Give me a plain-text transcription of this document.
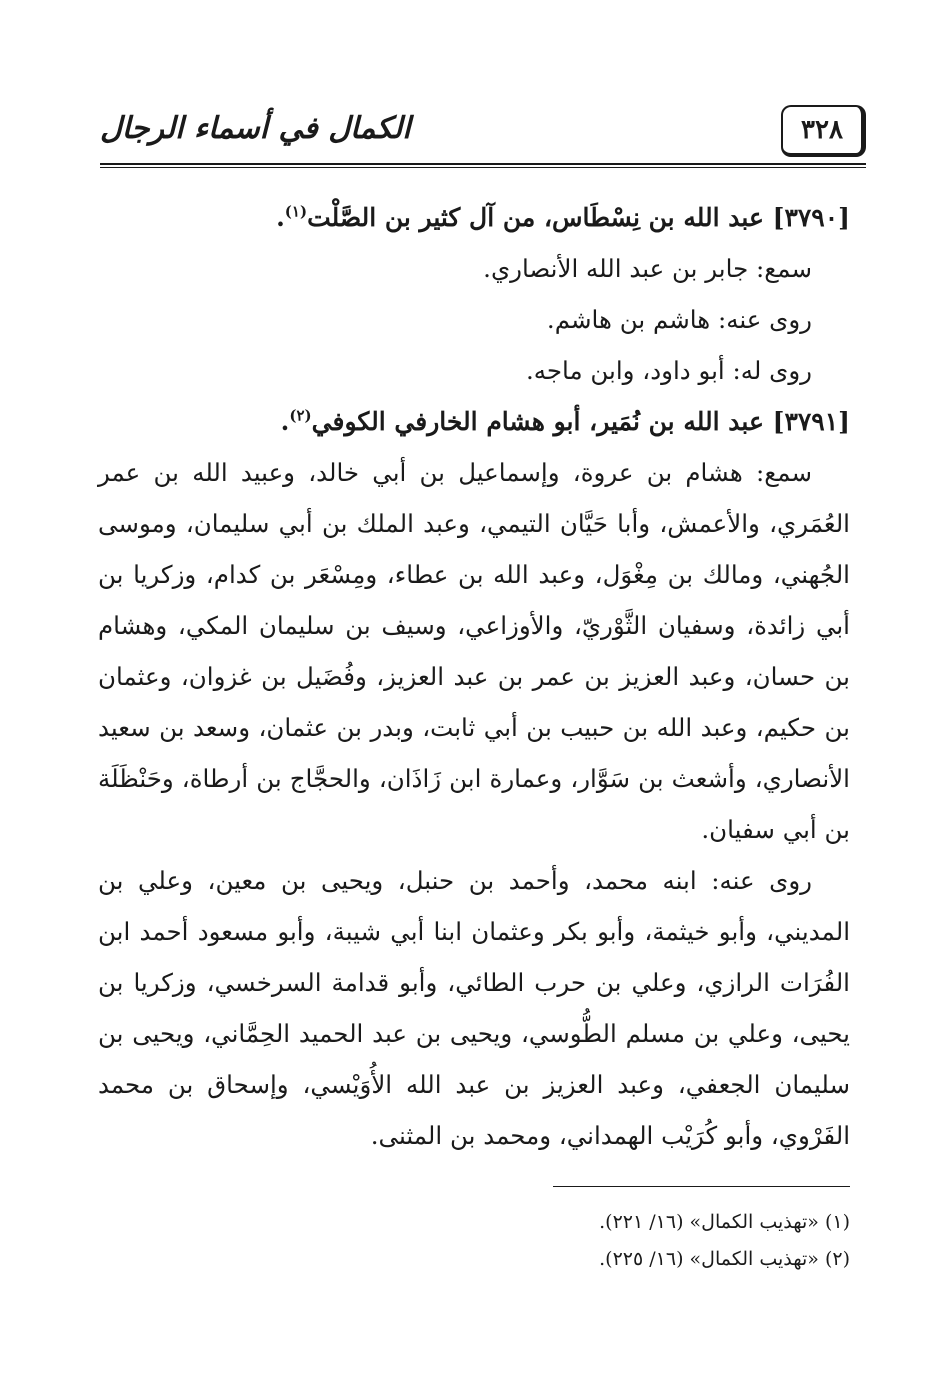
٣٢٨
الكمال في أسماء الرجال
[٣٧٩٠] عبد الله بن نِسْطَاس، من آل كثير بن الصَّلْت$^{(١)}$.
سمع: جابر بن عبد الله الأنصاري.
روى عنه: هاشم بن هاشم.
روى له: أبو داود، وابن ماجه.
[٣٧٩١] عبد الله بن نُمَير، أبو هشام الخارفي الكوفي$^{(٢)}$.
سمع: هشام بن عروة، وإسماعيل بن أبي خالد، وعبيد الله بن عمر العُمَري، والأعمش، وأبا حَيَّان التيمي، وعبد الملك بن أبي سليمان، وموسى الجُهني، ومالك بن مِغْوَل، وعبد الله بن عطاء، ومِسْعَر بن كدام، وزكريا بن أبي زائدة، وسفيان الثَّوْريّ، والأوزاعي، وسيف بن سليمان المكي، وهشام بن حسان، وعبد العزيز بن عمر بن عبد العزيز، وفُضَيل بن غزوان، وعثمان بن حكيم، وعبد الله بن حبيب بن أبي ثابت، وبدر بن عثمان، وسعد بن سعيد الأنصاري، وأشعث بن سَوَّار، وعمارة ابن زَاذَان، والحجَّاج بن أرطاة، وحَنْظَلَة بن أبي سفيان.
روى عنه: ابنه محمد، وأحمد بن حنبل، ويحيى بن معين، وعلي بن المديني، وأبو خيثمة، وأبو بكر وعثمان ابنا أبي شيبة، وأبو مسعود أحمد ابن الفُرَات الرازي، وعلي بن حرب الطائي، وأبو قدامة السرخسي، وزكريا بن يحيى، وعلي بن مسلم الطُّوسي، ويحيى بن عبد الحميد الحِمَّاني، ويحيى بن سليمان الجعفي، وعبد العزيز بن عبد الله الأُوَيْسي، وإسحاق بن محمد الفَرْوي، وأبو كُرَيْب الهمداني، ومحمد بن المثنى.
(١) «تهذيب الكمال» (١٦/ ٢٢١).
(٢) «تهذيب الكمال» (١٦/ ٢٢٥).
